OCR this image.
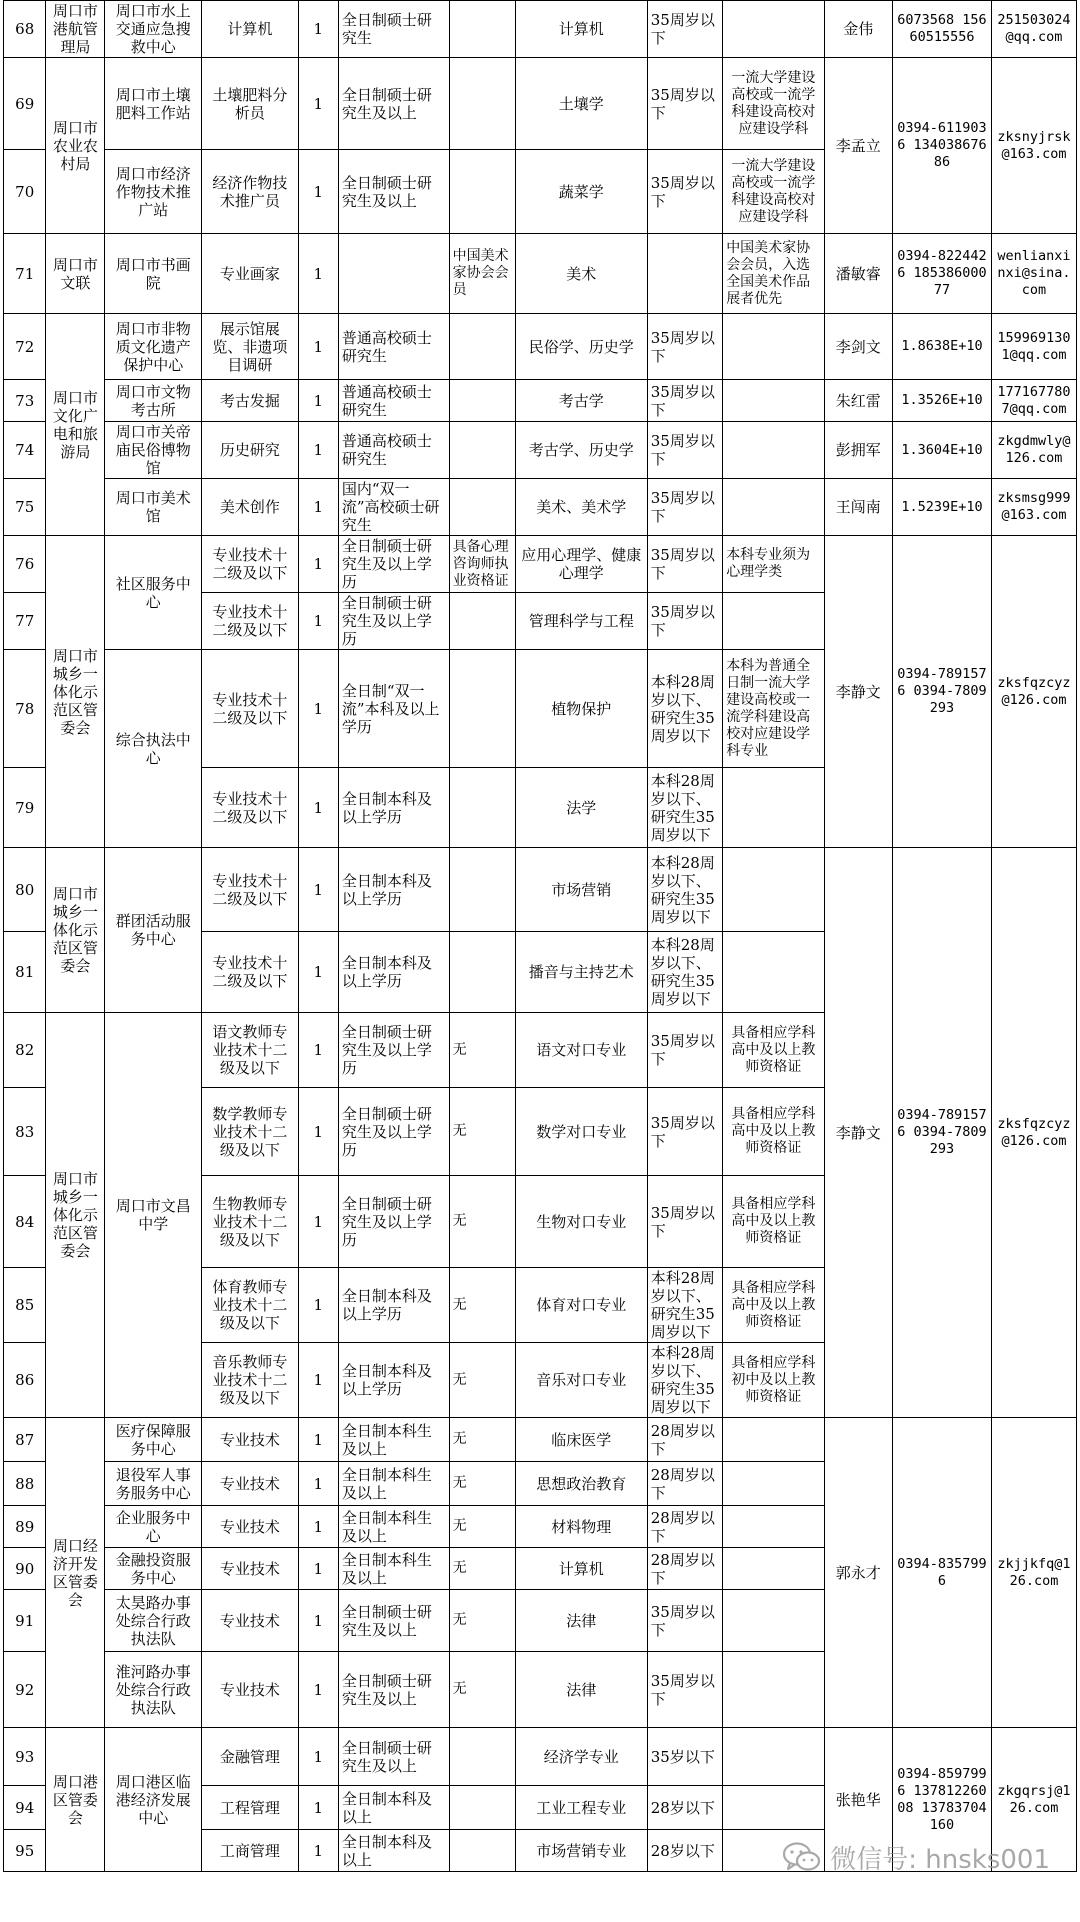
68	周口市港航管理局	周口市水上交通应急搜救中心	计算机	1	全日制硕士研究生		计算机	35周岁以下		金伟	6073568 15660515556	251503024@qq.com
69	周口市农业农村局	周口市土壤肥料工作站	土壤肥料分析员	1	全日制硕士研究生及以上		土壤学	35周岁以下	一流大学建设高校或一流学科建设高校对应建设学科	李孟立	0394-6119036 13403867686	zksnyjrsk@163.com
70		周口市经济作物技术推广站	经济作物技术推广员	1	全日制硕士研究生及以上		蔬菜学	35周岁以下	一流大学建设高校或一流学科建设高校对应建设学科			
71	周口市文联	周口市书画院	专业画家	1		中国美术家协会会员	美术		中国美术家协会会员，入选全国美术作品展者优先	潘敏睿	0394-8224426 18538600077	wenlianxinxi@sina.com
72	周口市文化广电和旅游局	周口市非物质文化遗产保护中心	展示馆展览、非遗项目调研	1	普通高校硕士研究生		民俗学、历史学	35周岁以下		李剑文	1.8638E+10	1599691301@qq.com
73		周口市文物考古所	考古发掘	1	普通高校硕士研究生		考古学	35周岁以下		朱红雷	1.3526E+10	1771677807@qq.com
74		周口市关帝庙民俗博物馆	历史研究	1	普通高校硕士研究生		考古学、历史学	35周岁以下		彭拥军	1.3604E+10	zkgdmwly@126.com
75		周口市美术馆	美术创作	1	国内“双一流”高校硕士研究生		美术、美术学	35周岁以下		王闯南	1.5239E+10	zksmsg999@163.com
76	周口市城乡一体化示范区管委会	社区服务中心	专业技术十二级及以下	1	全日制硕士研究生及以上学历	具备心理咨询师执业资格证	应用心理学、健康心理学	35周岁以下	本科专业须为心理学类	李静文	0394-7891576 0394-7809293	zksfqzcyz@126.com
77			专业技术十二级及以下	1	全日制硕士研究生及以上学历		管理科学与工程	35周岁以下				
78		综合执法中心	专业技术十二级及以下	1	全日制“双一流”本科及以上学历		植物保护	本科28周岁以下、研究生35周岁以下	本科为普通全日制一流大学建设高校或一流学科建设高校对应建设学科专业			
79			专业技术十二级及以下	1	全日制本科及以上学历		法学	本科28周岁以下、研究生35周岁以下				
80	周口市城乡一体化示范区管委会	群团活动服务中心	专业技术十二级及以下	1	全日制本科及以上学历		市场营销	本科28周岁以下、研究生35周岁以下		李静文	0394-7891576 0394-7809293	zksfqzcyz@126.com
81			专业技术十二级及以下	1	全日制本科及以上学历		播音与主持艺术	本科28周岁以下、研究生35周岁以下				
82	周口市城乡一体化示范区管委会	周口市文昌中学	语文教师专业技术十二级及以下	1	全日制硕士研究生及以上学历	无	语文对口专业	35周岁以下	具备相应学科高中及以上教师资格证			
83			数学教师专业技术十二级及以下	1	全日制硕士研究生及以上学历	无	数学对口专业	35周岁以下	具备相应学科高中及以上教师资格证			
84			生物教师专业技术十二级及以下	1	全日制硕士研究生及以上学历	无	生物对口专业	35周岁以下	具备相应学科高中及以上教师资格证			
85			体育教师专业技术十二级及以下	1	全日制本科及以上学历	无	体育对口专业	本科28周岁以下、研究生35周岁以下	具备相应学科高中及以上教师资格证			
86			音乐教师专业技术十二级及以下	1	全日制本科及以上学历	无	音乐对口专业	本科28周岁以下、研究生35周岁以下	具备相应学科初中及以上教师资格证			
87	周口经济开发区管委会	医疗保障服务中心	专业技术	1	全日制本科生及以上	无	临床医学	28周岁以下		郭永才	0394-8357996	zkjjkfq@126.com
88		退役军人事务服务中心	专业技术	1	全日制本科生及以上	无	思想政治教育	28周岁以下				
89		企业服务中心	专业技术	1	全日制本科生及以上	无	材料物理	28周岁以下				
90		金融投资服务中心	专业技术	1	全日制本科生及以上	无	计算机	28周岁以下				
91		太昊路办事处综合行政执法队	专业技术	1	全日制硕士研究生及以上	无	法律	35周岁以下				
92		淮河路办事处综合行政执法队	专业技术	1	全日制硕士研究生及以上	无	法律	35周岁以下				
93	周口港区管委会	周口港区临港经济发展中心	金融管理	1	全日制硕士研究生及以上		经济学专业	35岁以下		张艳华	0394-8597996 13781226008 13783704160	zkgqrsj@126.com
94			工程管理	1	全日制本科及以上		工业工程专业	28岁以下				
95			工商管理	1	全日制本科及以上		市场营销专业	28岁以下					微信号: hnsks001
